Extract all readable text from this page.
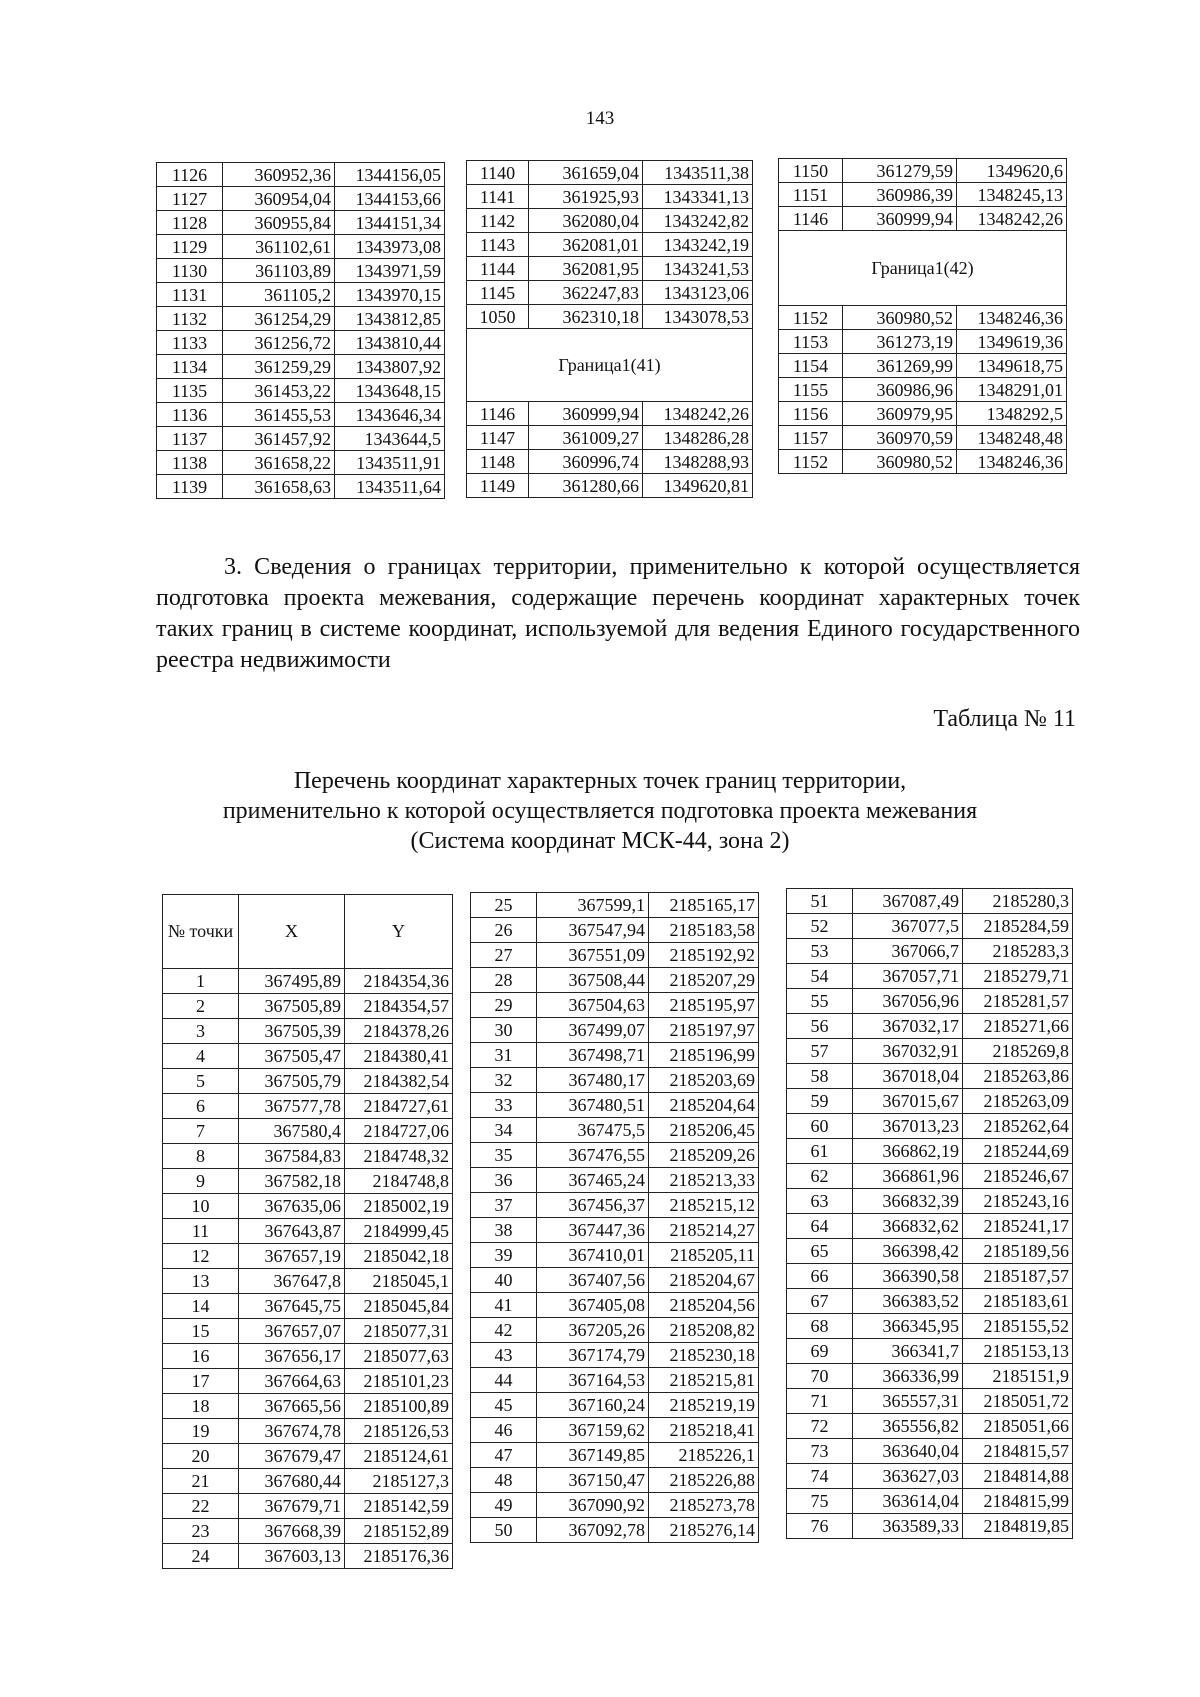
143
1126	360952,36	1344156,05
1127	360954,04	1344153,66
1128	360955,84	1344151,34
1129	361102,61	1343973,08
1130	361103,89	1343971,59
1131	361105,2	1343970,15
1132	361254,29	1343812,85
1133	361256,72	1343810,44
1134	361259,29	1343807,92
1135	361453,22	1343648,15
1136	361455,53	1343646,34
1137	361457,92	1343644,5
1138	361658,22	1343511,91
1139	361658,63	1343511,64
1140	361659,04	1343511,38
1141	361925,93	1343341,13
1142	362080,04	1343242,82
1143	362081,01	1343242,19
1144	362081,95	1343241,53
1145	362247,83	1343123,06
1050	362310,18	1343078,53
Граница1(41)		
1146	360999,94	1348242,26
1147	361009,27	1348286,28
1148	360996,74	1348288,93
1149	361280,66	1349620,81
1150	361279,59	1349620,6
1151	360986,39	1348245,13
1146	360999,94	1348242,26
Граница1(42)		
1152	360980,52	1348246,36
1153	361273,19	1349619,36
1154	361269,99	1349618,75
1155	360986,96	1348291,01
1156	360979,95	1348292,5
1157	360970,59	1348248,48
1152	360980,52	1348246,36

3. Сведения о границах территории, применительно к которой осуществляется подготовка проекта межевания, содержащие перечень координат характерных точек таких границ в системе координат, используемой для ведения Единого государственного реестра недвижимости

Таблица № 11
Перечень координат характерных точек границ территории,
применительно к которой осуществляется подготовка проекта межевания
(Система координат МСК-44, зона 2)
№ точки	X	Y
1	367495,89	2184354,36
2	367505,89	2184354,57
3	367505,39	2184378,26
4	367505,47	2184380,41
5	367505,79	2184382,54
6	367577,78	2184727,61
7	367580,4	2184727,06
8	367584,83	2184748,32
9	367582,18	2184748,8
10	367635,06	2185002,19
11	367643,87	2184999,45
12	367657,19	2185042,18
13	367647,8	2185045,1
14	367645,75	2185045,84
15	367657,07	2185077,31
16	367656,17	2185077,63
17	367664,63	2185101,23
18	367665,56	2185100,89
19	367674,78	2185126,53
20	367679,47	2185124,61
21	367680,44	2185127,3
22	367679,71	2185142,59
23	367668,39	2185152,89
24	367603,13	2185176,36
25	367599,1	2185165,17
26	367547,94	2185183,58
27	367551,09	2185192,92
28	367508,44	2185207,29
29	367504,63	2185195,97
30	367499,07	2185197,97
31	367498,71	2185196,99
32	367480,17	2185203,69
33	367480,51	2185204,64
34	367475,5	2185206,45
35	367476,55	2185209,26
36	367465,24	2185213,33
37	367456,37	2185215,12
38	367447,36	2185214,27
39	367410,01	2185205,11
40	367407,56	2185204,67
41	367405,08	2185204,56
42	367205,26	2185208,82
43	367174,79	2185230,18
44	367164,53	2185215,81
45	367160,24	2185219,19
46	367159,62	2185218,41
47	367149,85	2185226,1
48	367150,47	2185226,88
49	367090,92	2185273,78
50	367092,78	2185276,14
51	367087,49	2185280,3
52	367077,5	2185284,59
53	367066,7	2185283,3
54	367057,71	2185279,71
55	367056,96	2185281,57
56	367032,17	2185271,66
57	367032,91	2185269,8
58	367018,04	2185263,86
59	367015,67	2185263,09
60	367013,23	2185262,64
61	366862,19	2185244,69
62	366861,96	2185246,67
63	366832,39	2185243,16
64	366832,62	2185241,17
65	366398,42	2185189,56
66	366390,58	2185187,57
67	366383,52	2185183,61
68	366345,95	2185155,52
69	366341,7	2185153,13
70	366336,99	2185151,9
71	365557,31	2185051,72
72	365556,82	2185051,66
73	363640,04	2184815,57
74	363627,03	2184814,88
75	363614,04	2184815,99
76	363589,33	2184819,85
